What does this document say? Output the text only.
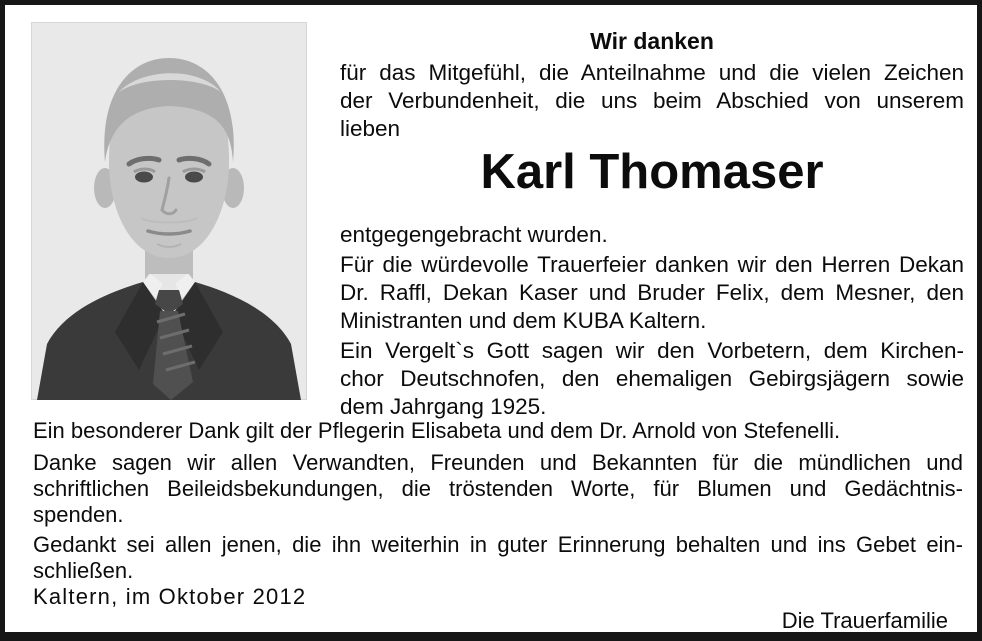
Wir danken
für das Mitgefühl, die Anteilnahme und die vielen Zeichen
der Verbundenheit, die uns beim Abschied von unserem
lieben
Karl Thomaser
entgegengebracht wurden.
Für die würdevolle Trauerfeier danken wir den Herren Dekan
Dr. Raffl, Dekan Kaser und Bruder Felix, dem Mesner, den
Ministranten und dem KUBA Kaltern.
Ein Vergelt`s Gott sagen wir den Vorbetern, dem Kirchen-
chor Deutschnofen, den ehemaligen Gebirgsjägern sowie
dem Jahrgang 1925.
Ein besonderer Dank gilt der Pflegerin Elisabeta und dem Dr. Arnold von Stefenelli.
Danke sagen wir allen Verwandten, Freunden und Bekannten für die mündlichen und
schriftlichen Beileidsbekundungen, die tröstenden Worte, für Blumen und Gedächtnis-
spenden.
Gedankt sei allen jenen, die ihn weiterhin in guter Erinnerung behalten und ins Gebet ein-
schließen.
Kaltern, im Oktober 2012
Die Trauerfamilie
